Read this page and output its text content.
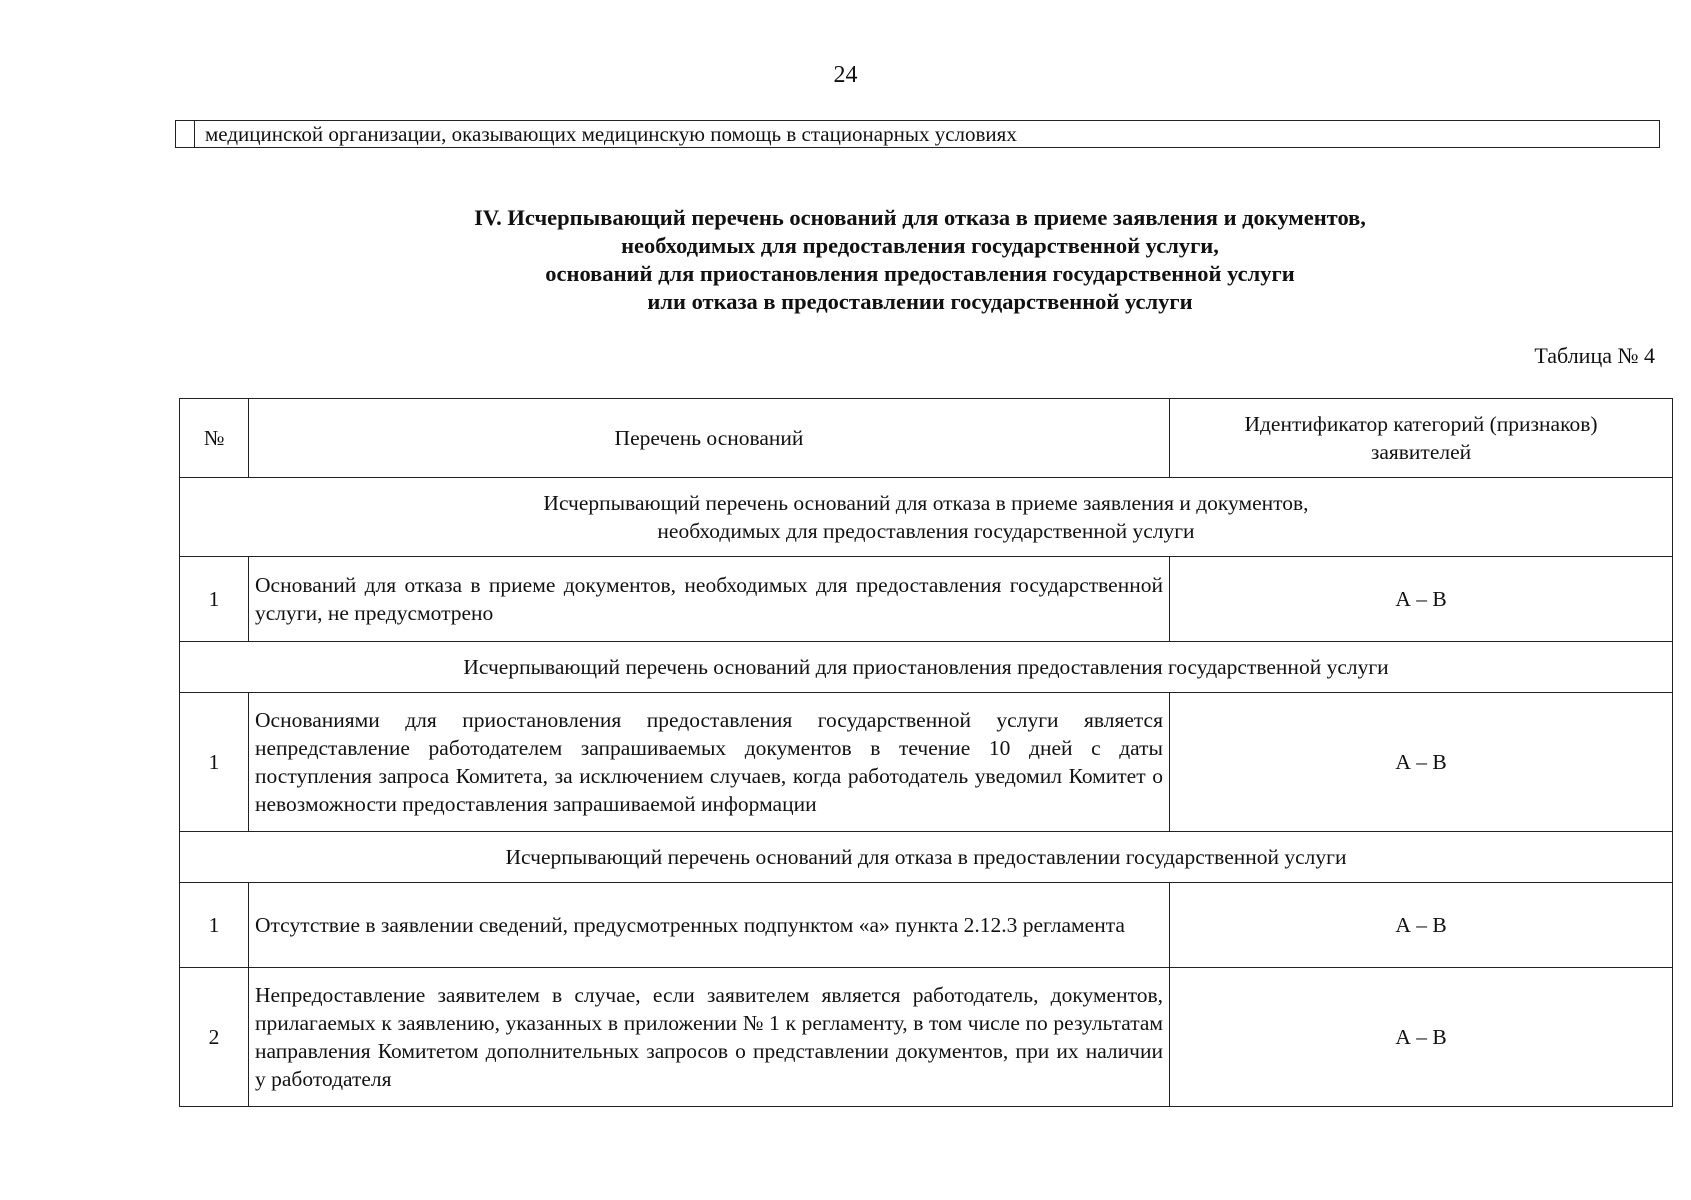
24
	медицинской организации, оказывающих медицинскую помощь в стационарных условиях
IV. Исчерпывающий перечень оснований для отказа в приеме заявления и документов,
необходимых для предоставления государственной услуги,
оснований для приостановления предоставления государственной услуги
или отказа в предоставлении государственной услуги
Таблица № 4
№	Перечень оснований	Идентификатор категорий (признаков)
заявителей

Исчерпывающий перечень оснований для отказа в приеме заявления и документов,
необходимых для предоставления государственной услуги		

1	Оснований для отказа в приеме документов, необходимых для предоставления государственной услуги, не предусмотрено	А – В
Исчерпывающий перечень оснований для приостановления предоставления государственной услуги		
1	Основаниями для приостановления предоставления государственной услуги является непредставление работодателем запрашиваемых документов в течение 10 дней с даты поступления запроса Комитета, за исключением случаев, когда работодатель уведомил Комитет о невозможности предоставления запрашиваемой информации	А – В
Исчерпывающий перечень оснований для отказа в предоставлении государственной услуги		
1	Отсутствие в заявлении сведений, предусмотренных подпунктом «а» пункта 2.12.3 регламента	А – В
2	Непредоставление заявителем в случае, если заявителем является работодатель, документов, прилагаемых к заявлению, указанных в приложении № 1 к регламенту, в том числе по результатам направления Комитетом дополнительных запросов о представлении документов, при их наличии у работодателя	А – В
